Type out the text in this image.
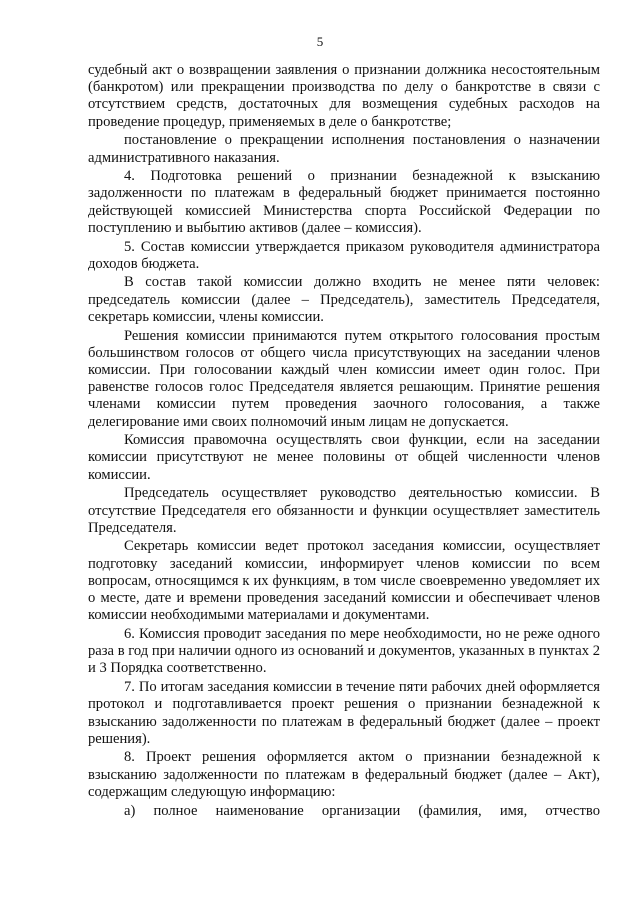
5

судебный акт о возвращении заявления о признании должника несостоятельным (банкротом) или прекращении производства по делу о банкротстве в связи с отсутствием средств, достаточных для возмещения судебных расходов на проведение процедур, применяемых в деле о банкротстве;

постановление о прекращении исполнения постановления о назначении административного наказания.

4. Подготовка решений о признании безнадежной к взысканию задолженности по платежам в федеральный бюджет принимается постоянно действующей комиссией Министерства спорта Российской Федерации по поступлению и выбытию активов (далее – комиссия).

5. Состав комиссии утверждается приказом руководителя администратора доходов бюджета.

В состав такой комиссии должно входить не менее пяти человек: председатель комиссии (далее – Председатель), заместитель Председателя, секретарь комиссии, члены комиссии.

Решения комиссии принимаются путем открытого голосования простым большинством голосов от общего числа присутствующих на заседании членов комиссии. При голосовании каждый член комиссии имеет один голос. При равенстве голосов голос Председателя является решающим. Принятие решения членами комиссии путем проведения заочного голосования, а также делегирование ими своих полномочий иным лицам не допускается.

Комиссия правомочна осуществлять свои функции, если на заседании комиссии присутствуют не менее половины от общей численности членов комиссии.

Председатель осуществляет руководство деятельностью комиссии. В отсутствие Председателя его обязанности и функции осуществляет заместитель Председателя.

Секретарь комиссии ведет протокол заседания комиссии, осуществляет подготовку заседаний комиссии, информирует членов комиссии по всем вопросам, относящимся к их функциям, в том числе своевременно уведомляет их о месте, дате и времени проведения заседаний комиссии и обеспечивает членов комиссии необходимыми материалами и документами.

6. Комиссия проводит заседания по мере необходимости, но не реже одного раза в год при наличии одного из оснований и документов, указанных в пунктах 2 и 3 Порядка соответственно.

7. По итогам заседания комиссии в течение пяти рабочих дней оформляется протокол и подготавливается проект решения о признании безнадежной к взысканию задолженности по платежам в федеральный бюджет (далее – проект решения).

8. Проект решения оформляется актом о признании безнадежной к взысканию задолженности по платежам в федеральный бюджет (далее – Акт), содержащим следующую информацию:

а) полное наименование организации (фамилия, имя, отчество
